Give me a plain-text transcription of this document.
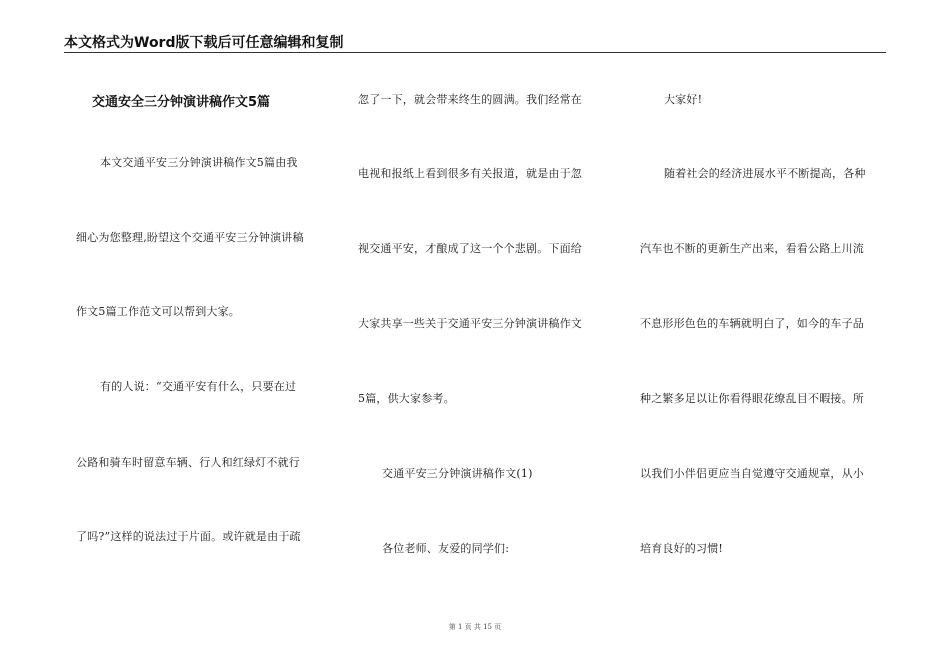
本文格式为Word版下载后可任意编辑和复制
交通安全三分钟演讲稿作文5篇
本文交通平安三分钟演讲稿作文5篇由我
细心为您整理,盼望这个交通平安三分钟演讲稿
作文5篇工作范文可以帮到大家。
有的人说：“交通平安有什么，只要在过
公路和骑车时留意车辆、行人和红绿灯不就行
了吗?”这样的说法过于片面。或许就是由于疏
忽了一下，就会带来终生的圆满。我们经常在
电视和报纸上看到很多有关报道，就是由于忽
视交通平安，才酿成了这一个个悲剧。下面给
大家共享一些关于交通平安三分钟演讲稿作文
5篇，供大家参考。
交通平安三分钟演讲稿作文(1)
各位老师、友爱的同学们:
大家好!
随着社会的经济进展水平不断提高，各种
汽车也不断的更新生产出来，看看公路上川流
不息形形色色的车辆就明白了，如今的车子品
种之繁多足以让你看得眼花缭乱目不暇接。所
以我们小伴侣更应当自觉遵守交通规章，从小
培育良好的习惯!
第 1 页 共 15 页
